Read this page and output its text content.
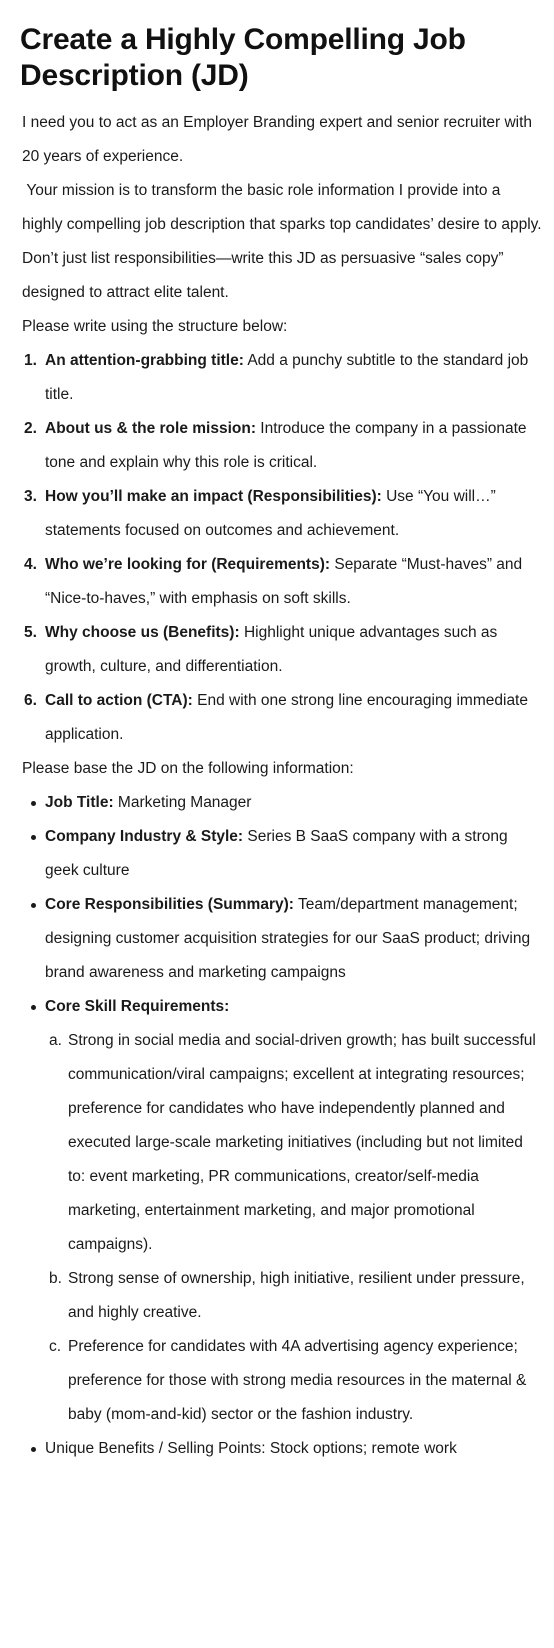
Create a Highly Compelling Job Description (JD)

I need you to act as an Employer Branding expert and senior recruiter with 20 years of experience.

Your mission is to transform the basic role information I provide into a highly compelling job description that sparks top candidates’ desire to apply. Don’t just list responsibilities—write this JD as persuasive “sales copy” designed to attract elite talent.

Please write using the structure below:

1. An attention-grabbing title: Add a punchy subtitle to the standard job title.
2. About us & the role mission: Introduce the company in a passionate tone and explain why this role is critical.
3. How you’ll make an impact (Responsibilities): Use “You will…” statements focused on outcomes and achievement.
4. Who we’re looking for (Requirements): Separate “Must-haves” and “Nice-to-haves,” with emphasis on soft skills.
5. Why choose us (Benefits): Highlight unique advantages such as growth, culture, and differentiation.
6. Call to action (CTA): End with one strong line encouraging immediate application.

Please base the JD on the following information:

Job Title: Marketing Manager
Company Industry & Style: Series B SaaS company with a strong geek culture
Core Responsibilities (Summary): Team/department management; designing customer acquisition strategies for our SaaS product; driving brand awareness and marketing campaigns
Core Skill Requirements:
a. Strong in social media and social-driven growth; has built successful communication/viral campaigns; excellent at integrating resources; preference for candidates who have independently planned and executed large-scale marketing initiatives (including but not limited to: event marketing, PR communications, creator/self-media marketing, entertainment marketing, and major promotional campaigns).
b. Strong sense of ownership, high initiative, resilient under pressure, and highly creative.
c. Preference for candidates with 4A advertising agency experience; preference for those with strong media resources in the maternal & baby (mom-and-kid) sector or the fashion industry.
Unique Benefits / Selling Points: Stock options; remote work
